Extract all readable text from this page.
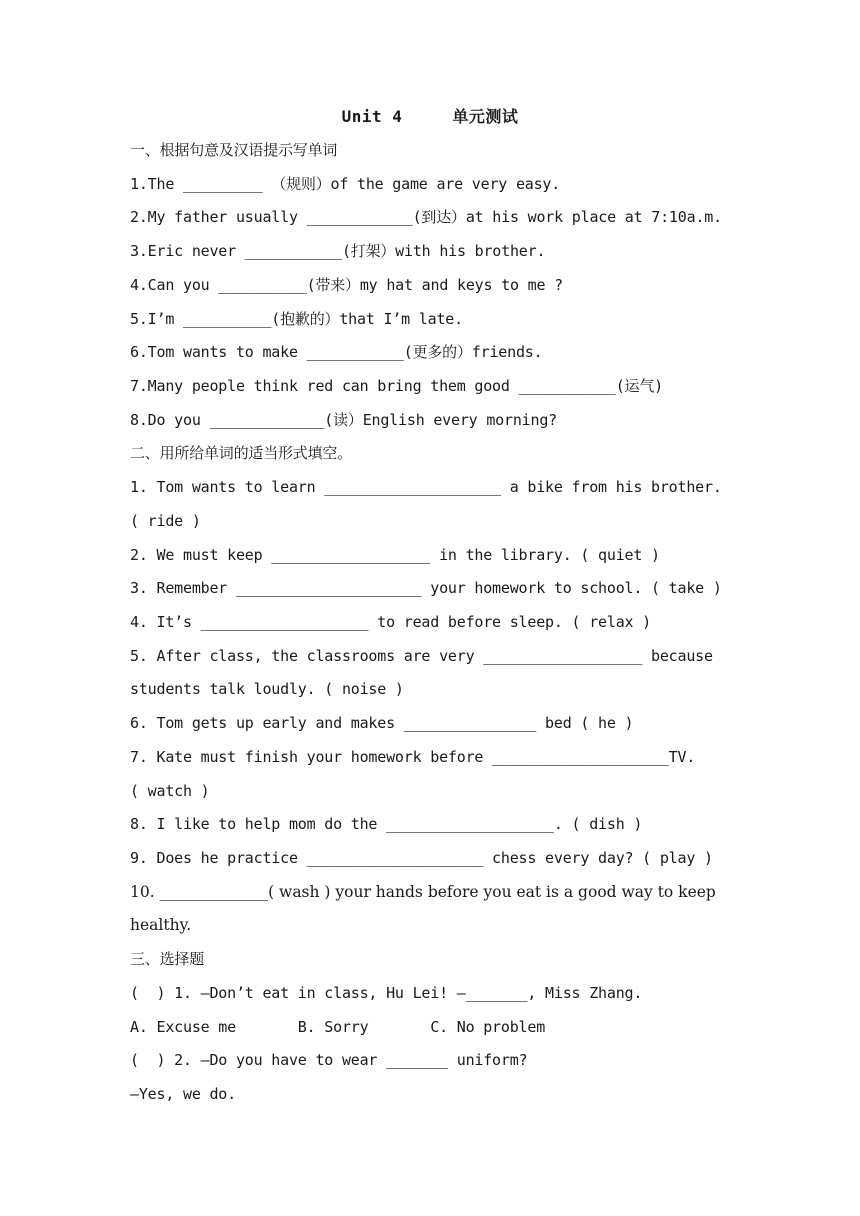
Unit 4	单元测试
一、根据句意及汉语提示写单词
1.The _________ （规则）of the game are very easy.
2.My father usually ____________(到达）at his work place at 7:10a.m.
3.Eric never ___________(打架）with his brother.
4.Can you __________(带来）my hat and keys to me ?
5.I’m __________(抱歉的）that I’m late.
6.Tom wants to make ___________(更多的）friends.
7.Many people think red can bring them good ___________(运气)
8.Do you _____________(读）English every morning?
二、用所给单词的适当形式填空。
1. Tom wants to learn ____________________ a bike from his brother.
( ride )
2. We must keep __________________ in the library. ( quiet )
3. Remember _____________________ your homework to school. ( take )
4. It’s ___________________ to read before sleep. ( relax )
5. After class, the classrooms are very __________________ because
students talk loudly. ( noise )
6. Tom gets up early and makes _______________ bed ( he )
7. Kate must finish your homework before ____________________TV.
( watch )
8. I like to help mom do the ___________________. ( dish )
9. Does he practice ____________________ chess every day? ( play )
10. ______________( wash ) your hands before you eat is a good way to keep
healthy.
三、选择题
(  ) 1. —Don’t eat in class, Hu Lei! —_______, Miss Zhang.
A. Excuse me       B. Sorry       C. No problem
(  ) 2. —Do you have to wear _______ uniform?
—Yes, we do.
